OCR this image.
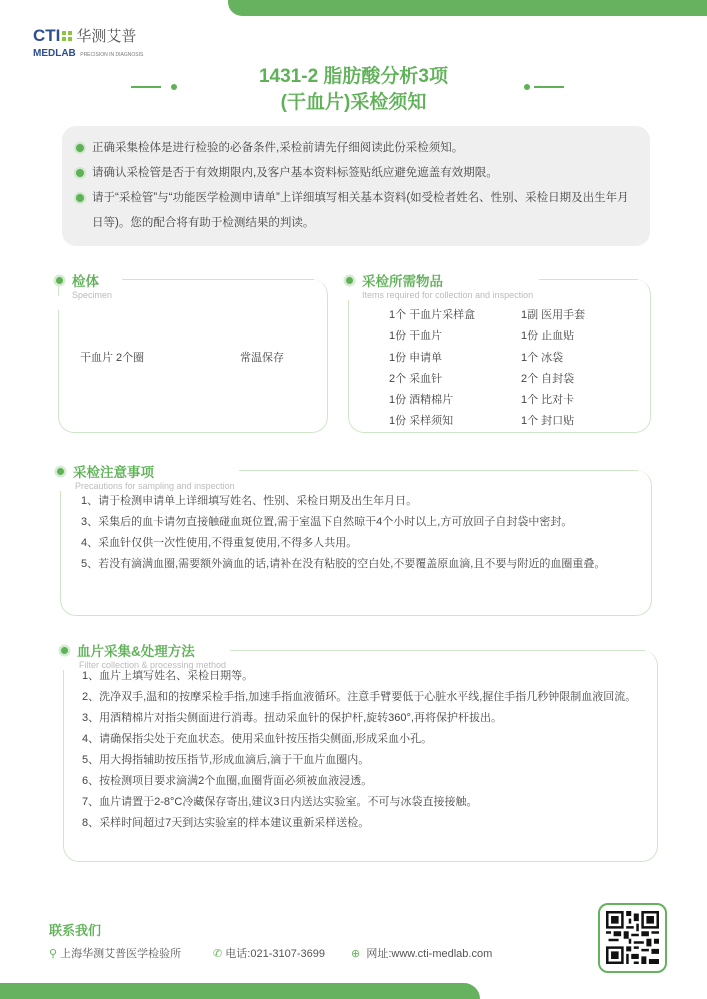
CTI 华测艾普
MEDLAB PRECISION IN DIAGNOSIS
1431-2 脂肪酸分析3项
(干血片)采检须知
正确采集检体是进行检验的必备条件,采检前请先仔细阅读此份采检须知。
请确认采检管是否于有效期限内,及客户基本资料标签贴纸应避免遮盖有效期限。
请于“采检管”与“功能医学检测申请单”上详细填写相关基本资料(如受检者姓名、性别、采检日期及出生年月日等)。您的配合将有助于检测结果的判读。
检体
Specimen
干血片 2个圈	常温保存
采检所需物品
Items required for collection and inspection
1个 干血片采样盒
1份 干血片
1份 申请单
2个 采血针
1份 酒精棉片
1份 采样须知
1副 医用手套
1份 止血贴
1个 冰袋
2个 自封袋
1个 比对卡
1个 封口贴
采检注意事项
Precautions for sampling and inspection
1、请于检测申请单上详细填写姓名、性别、采检日期及出生年月日。
3、采集后的血卡请勿直接触碰血斑位置,需于室温下自然晾干4个小时以上,方可放回子自封袋中密封。
4、采血针仅供一次性使用,不得重复使用,不得多人共用。
5、若没有滴满血圈,需要额外滴血的话,请补在没有粘胶的空白处,不要覆盖原血滴,且不要与附近的血圈重叠。
血片采集&处理方法
Filter collection & processing method
1、血片上填写姓名、采检日期等。
2、洗净双手,温和的按摩采检手指,加速手指血液循环。注意手臂要低于心脏水平线,握住手指几秒钟限制血液回流。
3、用酒精棉片对指尖侧面进行消毒。扭动采血针的保护杆,旋转360°,再将保护杆拔出。
4、请确保指尖处于充血状态。使用采血针按压指尖侧面,形成采血小孔。
5、用大拇指辅助按压指节,形成血滴后,滴于干血片血圈内。
6、按检测项目要求滴满2个血圈,血圈背面必须被血液浸透。
7、血片请置于2-8°C冷藏保存寄出,建议3日内送达实验室。不可与冰袋直接接触。
8、采样时间超过7天到达实验室的样本建议重新采样送检。
联系我们
⚲ 上海华测艾普医学检验所	✆ 电话:021-3107-3699 ⊕ 网址:www.cti-medlab.com
